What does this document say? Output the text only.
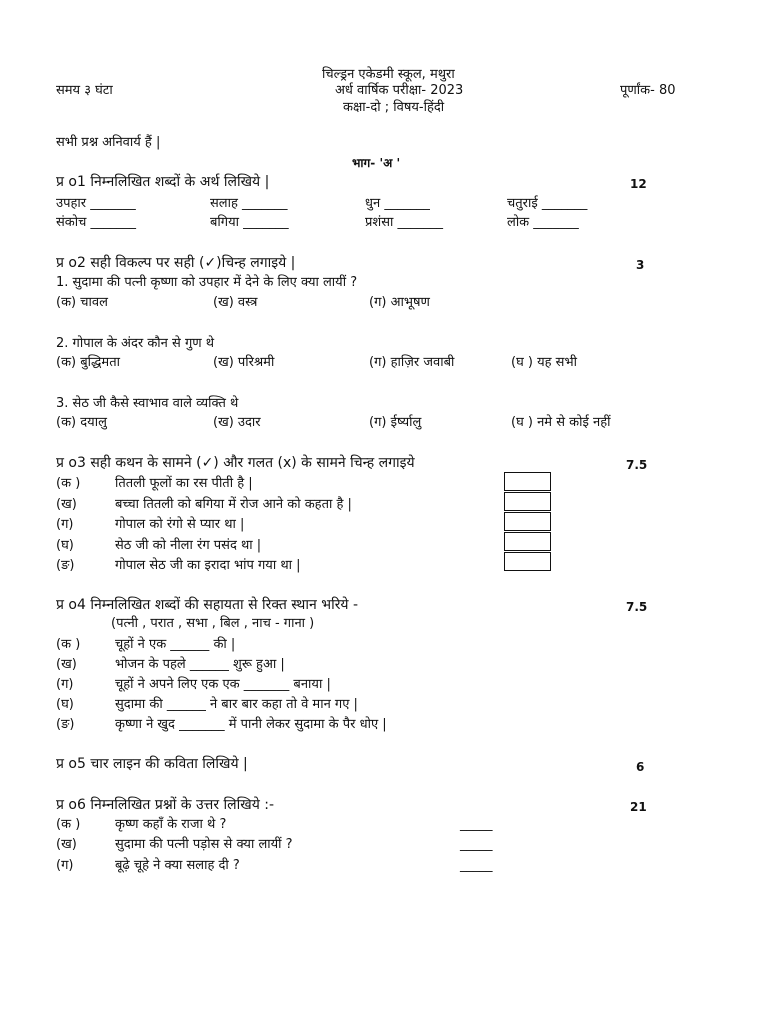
चिल्ड्रन एकेडमी स्कूल, मथुरा
अर्ध वार्षिक परीक्षा- 2023
समय ३ घंटा	पूर्णांक- 80
कक्षा-दो ; विषय-हिंदी
सभी प्रश्न अनिवार्य हैं |
भाग- 'अ '
प्र o1 निम्नलिखित शब्दों के अर्थ लिखिये |	12
उपहार _______	सलाह _______	धुन _______	चतुराई _______
संकोच _______	बगिया _______	प्रशंसा _______	लोक _______
प्र o2 सही विकल्प पर सही (✓)चिन्ह लगाइये |	3
1. सुदामा की पत्नी कृष्णा को उपहार में देने के लिए क्या लायीं ?
(क) चावल	(ख) वस्त्र	(ग) आभूषण
2. गोपाल के अंदर कौन से गुण थे
(क) बुद्धिमता	(ख) परिश्रमी	(ग) हाज़िर जवाबी	(घ ) यह सभी
3. सेठ जी कैसे स्वाभाव वाले व्यक्ति थे
(क) दयालु	(ख) उदार	(ग) ईर्ष्यालु	(घ ) नमे से कोई नहीं
प्र o3 सही कथन के सामने (✓) और गलत (x) के सामने चिन्ह लगाइये	7.5
(क )	तितली फूलों का रस पीती है |
(ख)	बच्चा तितली को बगिया में रोज आने को कहता है |
(ग)	गोपाल को रंगो से प्यार था |
(घ)	सेठ जी को नीला रंग पसंद था |
(ङ)	गोपाल सेठ जी का इरादा भांप गया था |
प्र o4 निम्नलिखित शब्दों की सहायता से रिक्त स्थान भरिये -	7.5
(पत्नी , परात , सभा , बिल , नाच - गाना )
(क )	चूहों ने एक ______ की |
(ख)	भोजन के पहले ______ शुरू हुआ |
(ग)	चूहों ने अपने लिए एक एक _______ बनाया |
(घ)	सुदामा की ______ ने बार बार कहा तो वे मान गए |
(ङ)	कृष्णा ने खुद _______ में पानी लेकर सुदामा के पैर धोए |
प्र o5 चार लाइन की कविता लिखिये |	6
प्र o6 निम्नलिखित प्रश्नों के उत्तर लिखिये :-	21
(क )	कृष्ण कहाँ के राजा थे ?	_____
(ख)	सुदामा की पत्नी पड़ोस से क्या लायीं ?	_____
(ग)	बूढ़े चूहे ने क्या सलाह दी ?	_____
